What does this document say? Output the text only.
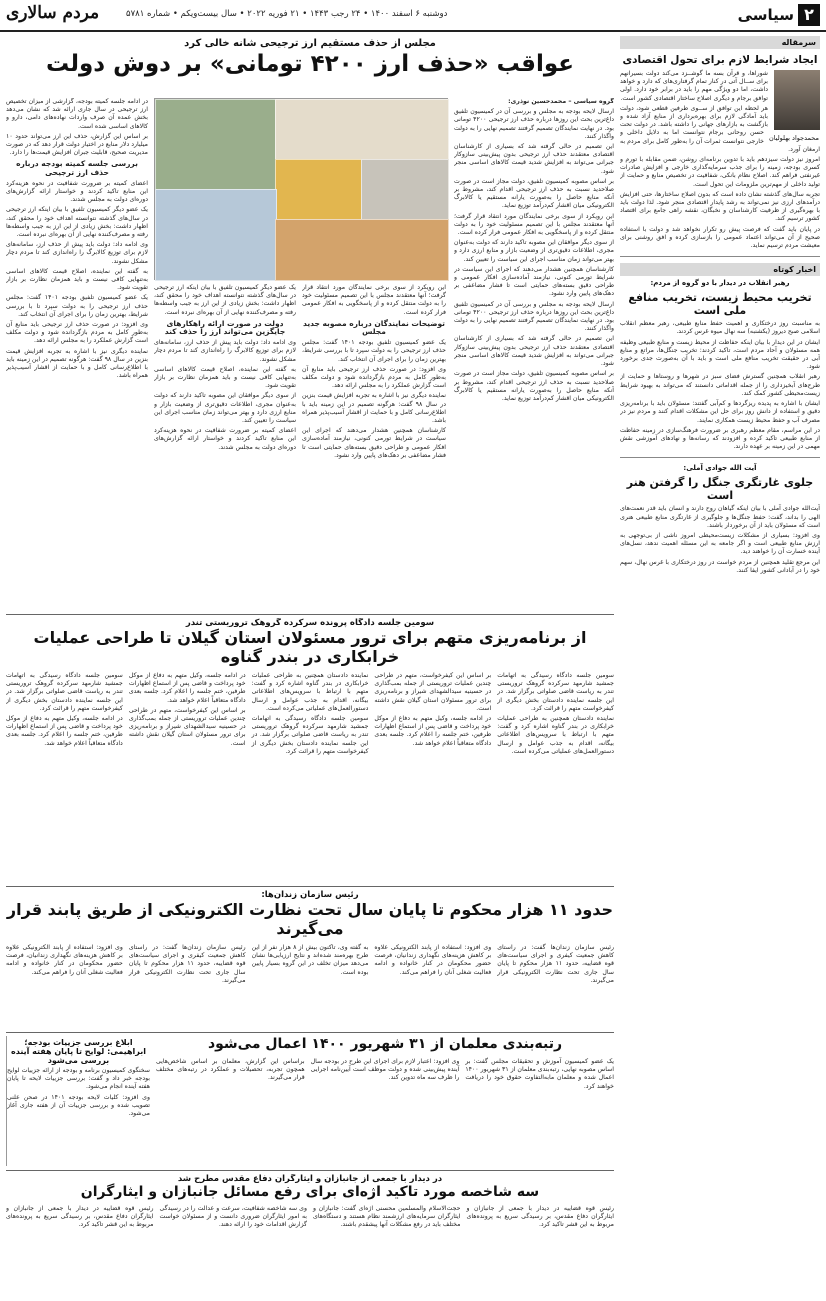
۲
سیاسی
دوشنبه ۶ اسفند ۱۴۰۰ • ۲۴ رجب ۱۴۴۳ • ۲۱ فوریه ۲۰۲۲ • سال بیست‌ویکم • شماره ۵۷۸۱
مردم سالاری
سرمقاله
ایجاد شرایط لازم برای تحول اقتصادی
محمدجواد بهلولیان

شوراها، و قرآن بسه ما گوشــزد می‌کند دولت بسیرانهم برای ســال آتی در کنار تمام گرفتاری‌های که دارد و خواهد داشت، اما دو ویژگی مهم را باید در برابر خود دارد. اولی توافق برجام و دیگری اصلاح ساختار اقتصادی کشور است.

هر لحظه این توافق از ســوی طرفین قطعی شود، دولت باید آمادگی لازم برای بهره‌برداری از منابع آزاد شده و بازگشت به بازارهای جهانی را داشته باشد. در دولت تحت حسن روحانی برجام نتوانست اما به دلایل داخلی و خارجی نتوانست ثمرات آن را به‌طور کامل برای مردم به ارمغان آورد.

امروز نیز دولت سیزدهم باید با تدوین برنامه‌ای روشن، ضمن مقابله با تورم و کسری بودجه، زمینه را برای جذب سرمایه‌گذاری خارجی و افزایش صادرات غیرنفتی فراهم کند. اصلاح نظام بانکی، شفافیت در تخصیص منابع و حمایت از تولید داخلی از مهم‌ترین ملزومات این تحول است.

تجربه سال‌های گذشته نشان داده است که بدون اصلاح ساختارها، حتی افزایش درآمدهای ارزی نیز نمی‌تواند به رشد پایدار اقتصادی منجر شود. لذا دولت باید با بهره‌گیری از ظرفیت کارشناسان و نخبگان، نقشه راهی جامع برای اقتصاد کشور ترسیم کند.

در پایان باید گفت که فرصت پیش رو تکرار نخواهد شد و دولت با استفاده صحیح از آن می‌تواند اعتماد عمومی را بازسازی کرده و افق روشنی برای معیشت مردم ترسیم نماید.

اخبار کوتاه
رهبر انقلاب در دیدار با دو گروه از مردم:
تخریب محیط زیست، تخریب منافع ملی است

به مناسبت روز درختکاری و اهمیت حفظ منابع طبیعی، رهبر معظم انقلاب اسلامی صبح دیروز (یکشنبه) سه نهال میوه غرس کردند.

ایشان در این دیدار با بیان اینکه حفاظت از محیط زیست و منابع طبیعی وظیفه همه مسئولان و آحاد مردم است، تاکید کردند: تخریب جنگل‌ها، مراتع و منابع آبی در حقیقت تخریب منافع ملی است و باید با آن به‌صورت جدی برخورد شود.

رهبر انقلاب همچنین گسترش فضای سبز در شهرها و روستاها و حمایت از طرح‌های آبخیزداری را از جمله اقداماتی دانستند که می‌تواند به بهبود شرایط زیست‌محیطی کشور کمک کند.

ایشان با اشاره به پدیده ریزگردها و کم‌آبی گفتند: مسئولان باید با برنامه‌ریزی دقیق و استفاده از دانش روز برای حل این مشکلات اقدام کنند و مردم نیز در مصرف آب و حفظ محیط زیست همکاری نمایند.

در این مراسم، مقام معظم رهبری بر ضرورت فرهنگ‌سازی در زمینه حفاظت از منابع طبیعی تاکید کرده و افزودند که رسانه‌ها و نهادهای آموزشی نقش مهمی در این زمینه بر عهده دارند.

آیت الله جوادی آملی:
جلوی غارتگری جنگل را گرفتن هنر است

آیت‌الله جوادی آملی با بیان اینکه گیاهان روح دارند و انسان باید قدر نعمت‌های الهی را بداند، گفت: حفظ جنگل‌ها و جلوگیری از غارتگری منابع طبیعی هنری است که مسئولان باید از آن برخوردار باشند.

وی افزود: بسیاری از مشکلات زیست‌محیطی امروز ناشی از بی‌توجهی به ارزش منابع طبیعی است و اگر جامعه به این مسئله اهمیت ندهد، نسل‌های آینده خسارت آن را خواهند دید.

این مرجع تقلید همچنین از مردم خواست در روز درختکاری با غرس نهال، سهم خود را در آبادانی کشور ایفا کنند.

مجلس از حذف مستقیم ارز ترجیحی شانه خالی کرد
عواقب «حذف ارز ۴۲۰۰ تومانی» بر دوش دولت

گروه سیاسی – محمدحسین نوذری:

ارسال لایحه بودجه به مجلس و بررسی آن در کمیسیون تلفیق داغ‌ترین بحث این روزها درباره حذف ارز ترجیحی ۴۲۰۰ تومانی بود. در نهایت نمایندگان تصمیم گرفتند تصمیم نهایی را به دولت واگذار کنند.

این تصمیم در حالی گرفته شد که بسیاری از کارشناسان اقتصادی معتقدند حذف ارز ترجیحی بدون پیش‌بینی سازوکار جبرانی می‌تواند به افزایش شدید قیمت کالاهای اساسی منجر شود.

بر اساس مصوبه کمیسیون تلفیق، دولت مجاز است در صورت صلاحدید نسبت به حذف ارز ترجیحی اقدام کند، مشروط بر آنکه منابع حاصل را به‌صورت یارانه مستقیم یا کالابرگ الکترونیکی میان اقشار کم‌درآمد توزیع نماید.

این رویکرد از سوی برخی نمایندگان مورد انتقاد قرار گرفت؛ آنها معتقدند مجلس با این تصمیم مسئولیت خود را به دولت منتقل کرده و از پاسخگویی به افکار عمومی فرار کرده است.

از سوی دیگر موافقان این مصوبه تاکید دارند که دولت به‌عنوان مجری، اطلاعات دقیق‌تری از وضعیت بازار و منابع ارزی دارد و بهتر می‌تواند زمان مناسب اجرای این سیاست را تعیین کند.

کارشناسان همچنین هشدار می‌دهند که اجرای این سیاست در شرایط تورمی کنونی، نیازمند آماده‌سازی افکار عمومی و طراحی دقیق بسته‌های حمایتی است تا فشار مضاعفی بر دهک‌های پایین وارد نشود.

ارسال لایحه بودجه به مجلس و بررسی آن در کمیسیون تلفیق داغ‌ترین بحث این روزها درباره حذف ارز ترجیحی ۴۲۰۰ تومانی بود. در نهایت نمایندگان تصمیم گرفتند تصمیم نهایی را به دولت واگذار کنند.

این تصمیم در حالی گرفته شد که بسیاری از کارشناسان اقتصادی معتقدند حذف ارز ترجیحی بدون پیش‌بینی سازوکار جبرانی می‌تواند به افزایش شدید قیمت کالاهای اساسی منجر شود.

بر اساس مصوبه کمیسیون تلفیق، دولت مجاز است در صورت صلاحدید نسبت به حذف ارز ترجیحی اقدام کند، مشروط بر آنکه منابع حاصل را به‌صورت یارانه مستقیم یا کالابرگ الکترونیکی میان اقشار کم‌درآمد توزیع نماید.

در ادامه جلسه کمیته بودجه، گزارشی از میزان تخصیص ارز ترجیحی در سال جاری ارائه شد که نشان می‌دهد بخش عمده آن صرف واردات نهاده‌های دامی، دارو و کالاهای اساسی شده است.

بر اساس این گزارش، حذف این ارز می‌تواند حدود ۱۰ میلیارد دلار منابع در اختیار دولت قرار دهد که در صورت مدیریت صحیح، قابلیت جبران افزایش قیمت‌ها را دارد.

بررسی جلسه کمیته بودجه درباره حذف ارز ترجیحی

اعضای کمیته بر ضرورت شفافیت در نحوه هزینه‌کرد این منابع تاکید کردند و خواستار ارائه گزارش‌های دوره‌ای دولت به مجلس شدند.

یک عضو دیگر کمیسیون تلفیق با بیان اینکه ارز ترجیحی در سال‌های گذشته نتوانسته اهداف خود را محقق کند، اظهار داشت: بخش زیادی از این ارز به جیب واسطه‌ها رفته و مصرف‌کننده نهایی از آن بهره‌ای نبرده است.

وی ادامه داد: دولت باید پیش از حذف ارز، سامانه‌های لازم برای توزیع کالابرگ را راه‌اندازی کند تا مردم دچار مشکل نشوند.

به گفته این نماینده، اصلاح قیمت کالاهای اساسی به‌تنهایی کافی نیست و باید همزمان نظارت بر بازار تقویت شود.

یک عضو کمیسیون تلفیق بودجه ۱۴۰۱ گفت: مجلس حذف ارز ترجیحی را به دولت سپرد تا با بررسی شرایط، بهترین زمان را برای اجرای آن انتخاب کند.

وی افزود: در صورت حذف ارز ترجیحی باید منابع آن به‌طور کامل به مردم بازگردانده شود و دولت مکلف است گزارش عملکرد را به مجلس ارائه دهد.

نماینده دیگری نیز با اشاره به تجربه افزایش قیمت بنزین در سال ۹۸ گفت: هرگونه تصمیم در این زمینه باید با اطلاع‌رسانی کامل و با حمایت از اقشار آسیب‌پذیر همراه باشد.

این رویکرد از سوی برخی نمایندگان مورد انتقاد قرار گرفت؛ آنها معتقدند مجلس با این تصمیم مسئولیت خود را به دولت منتقل کرده و از پاسخگویی به افکار عمومی فرار کرده است.

توضیحات نمایندگان درباره مصوبه جدید مجلس

یک عضو کمیسیون تلفیق بودجه ۱۴۰۱ گفت: مجلس حذف ارز ترجیحی را به دولت سپرد تا با بررسی شرایط، بهترین زمان را برای اجرای آن انتخاب کند.

وی افزود: در صورت حذف ارز ترجیحی باید منابع آن به‌طور کامل به مردم بازگردانده شود و دولت مکلف است گزارش عملکرد را به مجلس ارائه دهد.

نماینده دیگری نیز با اشاره به تجربه افزایش قیمت بنزین در سال ۹۸ گفت: هرگونه تصمیم در این زمینه باید با اطلاع‌رسانی کامل و با حمایت از اقشار آسیب‌پذیر همراه باشد.

کارشناسان همچنین هشدار می‌دهند که اجرای این سیاست در شرایط تورمی کنونی، نیازمند آماده‌سازی افکار عمومی و طراحی دقیق بسته‌های حمایتی است تا فشار مضاعفی بر دهک‌های پایین وارد نشود.

یک عضو دیگر کمیسیون تلفیق با بیان اینکه ارز ترجیحی در سال‌های گذشته نتوانسته اهداف خود را محقق کند، اظهار داشت: بخش زیادی از این ارز به جیب واسطه‌ها رفته و مصرف‌کننده نهایی از آن بهره‌ای نبرده است.

دولت در صورت ارائه راهکارهای جایگزین می‌تواند ارز را حذف کند

وی ادامه داد: دولت باید پیش از حذف ارز، سامانه‌های لازم برای توزیع کالابرگ را راه‌اندازی کند تا مردم دچار مشکل نشوند.

به گفته این نماینده، اصلاح قیمت کالاهای اساسی به‌تنهایی کافی نیست و باید همزمان نظارت بر بازار تقویت شود.

از سوی دیگر موافقان این مصوبه تاکید دارند که دولت به‌عنوان مجری، اطلاعات دقیق‌تری از وضعیت بازار و منابع ارزی دارد و بهتر می‌تواند زمان مناسب اجرای این سیاست را تعیین کند.

اعضای کمیته بر ضرورت شفافیت در نحوه هزینه‌کرد این منابع تاکید کردند و خواستار ارائه گزارش‌های دوره‌ای دولت به مجلس شدند.

سومین جلسه دادگاه پرونده سرکرده گروهک تروریستی تندر
از برنامه‌ریزی متهم برای ترور مسئولان استان گیلان تا طراحی عملیات خرابکاری در بندر گناوه

سومین جلسه دادگاه رسیدگی به اتهامات جمشید شارمهد سرکرده گروهک تروریستی تندر به ریاست قاضی صلواتی برگزار شد. در این جلسه نماینده دادستان بخش دیگری از کیفرخواست متهم را قرائت کرد.

نماینده دادستان همچنین به طراحی عملیات خرابکاری در بندر گناوه اشاره کرد و گفت: متهم با ارتباط با سرویس‌های اطلاعاتی بیگانه، اقدام به جذب عوامل و ارسال دستورالعمل‌های عملیاتی می‌کرده است.

بر اساس این کیفرخواست، متهم در طراحی چندین عملیات تروریستی از جمله بمب‌گذاری در حسینیه سیدالشهدای شیراز و برنامه‌ریزی برای ترور مسئولان استان گیلان نقش داشته است.

در ادامه جلسه، وکیل متهم به دفاع از موکل خود پرداخت و قاضی پس از استماع اظهارات طرفین، ختم جلسه را اعلام کرد. جلسه بعدی دادگاه متعاقباً اعلام خواهد شد.

نماینده دادستان همچنین به طراحی عملیات خرابکاری در بندر گناوه اشاره کرد و گفت: متهم با ارتباط با سرویس‌های اطلاعاتی بیگانه، اقدام به جذب عوامل و ارسال دستورالعمل‌های عملیاتی می‌کرده است.

سومین جلسه دادگاه رسیدگی به اتهامات جمشید شارمهد سرکرده گروهک تروریستی تندر به ریاست قاضی صلواتی برگزار شد. در این جلسه نماینده دادستان بخش دیگری از کیفرخواست متهم را قرائت کرد.

در ادامه جلسه، وکیل متهم به دفاع از موکل خود پرداخت و قاضی پس از استماع اظهارات طرفین، ختم جلسه را اعلام کرد. جلسه بعدی دادگاه متعاقباً اعلام خواهد شد.

بر اساس این کیفرخواست، متهم در طراحی چندین عملیات تروریستی از جمله بمب‌گذاری در حسینیه سیدالشهدای شیراز و برنامه‌ریزی برای ترور مسئولان استان گیلان نقش داشته است.

سومین جلسه دادگاه رسیدگی به اتهامات جمشید شارمهد سرکرده گروهک تروریستی تندر به ریاست قاضی صلواتی برگزار شد. در این جلسه نماینده دادستان بخش دیگری از کیفرخواست متهم را قرائت کرد.

در ادامه جلسه، وکیل متهم به دفاع از موکل خود پرداخت و قاضی پس از استماع اظهارات طرفین، ختم جلسه را اعلام کرد. جلسه بعدی دادگاه متعاقباً اعلام خواهد شد.

رئیس سازمان زندان‌ها:
حدود ۱۱ هزار محکوم تا پایان سال تحت نظارت الکترونیکی از طریق پابند قرار می‌گیرند

رئیس سازمان زندان‌ها گفت: در راستای کاهش جمعیت کیفری و اجرای سیاست‌های قوه قضاییه، حدود ۱۱ هزار محکوم تا پایان سال جاری تحت نظارت الکترونیکی قرار می‌گیرند.

وی افزود: استفاده از پابند الکترونیکی علاوه بر کاهش هزینه‌های نگهداری زندانیان، فرصت حضور محکومان در کنار خانواده و ادامه فعالیت شغلی آنان را فراهم می‌کند.

به گفته وی، تاکنون بیش از ۸ هزار نفر از این طرح بهره‌مند شده‌اند و نتایج ارزیابی‌ها نشان می‌دهد میزان تخلف در این گروه بسیار پایین بوده است.

رئیس سازمان زندان‌ها گفت: در راستای کاهش جمعیت کیفری و اجرای سیاست‌های قوه قضاییه، حدود ۱۱ هزار محکوم تا پایان سال جاری تحت نظارت الکترونیکی قرار می‌گیرند.

وی افزود: استفاده از پابند الکترونیکی علاوه بر کاهش هزینه‌های نگهداری زندانیان، فرصت حضور محکومان در کنار خانواده و ادامه فعالیت شغلی آنان را فراهم می‌کند.

رتبه‌بندی معلمان از ۳۱ شهریور ۱۴۰۰ اعمال می‌شود

یک عضو کمیسیون آموزش و تحقیقات مجلس گفت: بر اساس مصوبه نهایی، رتبه‌بندی معلمان از ۳۱ شهریور ۱۴۰۰ اعمال شده و معلمان مابه‌التفاوت حقوق خود را دریافت خواهند کرد.

وی افزود: اعتبار لازم برای اجرای این طرح در بودجه سال آینده پیش‌بینی شده و دولت موظف است آیین‌نامه اجرایی را ظرف سه ماه تدوین کند.

براساس این گزارش، معلمان بر اساس شاخص‌هایی همچون تجربه، تحصیلات و عملکرد در رتبه‌های مختلف قرار می‌گیرند.

ابلاغ بررسی جزییات بودجه؛ ابراهیمی: لوایح تا پایان هفته آینده بررسی می‌شود

سخنگوی کمیسیون برنامه و بودجه از ارائه جزییات لوایح بودجه خبر داد و گفت: بررسی جزییات لایحه تا پایان هفته آینده انجام می‌شود.

وی افزود: کلیات لایحه بودجه ۱۴۰۱ در صحن علنی تصویب شده و بررسی جزییات آن از هفته جاری آغاز می‌شود.

در دیدار با جمعی از جانبازان و ایثارگران دفاع مقدس مطرح شد
سه شاخصه مورد تاکید اژه‌ای برای رفع مسائل جانبازان و ایثارگران

رئیس قوه قضاییه در دیدار با جمعی از جانبازان و ایثارگران دفاع مقدس، بر رسیدگی سریع به پرونده‌های مربوط به این قشر تاکید کرد.

حجت‌الاسلام والمسلمین محسنی اژه‌ای گفت: جانبازان و ایثارگران سرمایه‌های ارزشمند نظام هستند و دستگاه‌های مختلف باید در رفع مشکلات آنها پیشقدم باشند.

وی سه شاخصه شفافیت، سرعت و عدالت را در رسیدگی به امور ایثارگران ضروری دانست و از مسئولان خواست گزارش اقدامات خود را ارائه دهند.

رئیس قوه قضاییه در دیدار با جمعی از جانبازان و ایثارگران دفاع مقدس، بر رسیدگی سریع به پرونده‌های مربوط به این قشر تاکید کرد.
